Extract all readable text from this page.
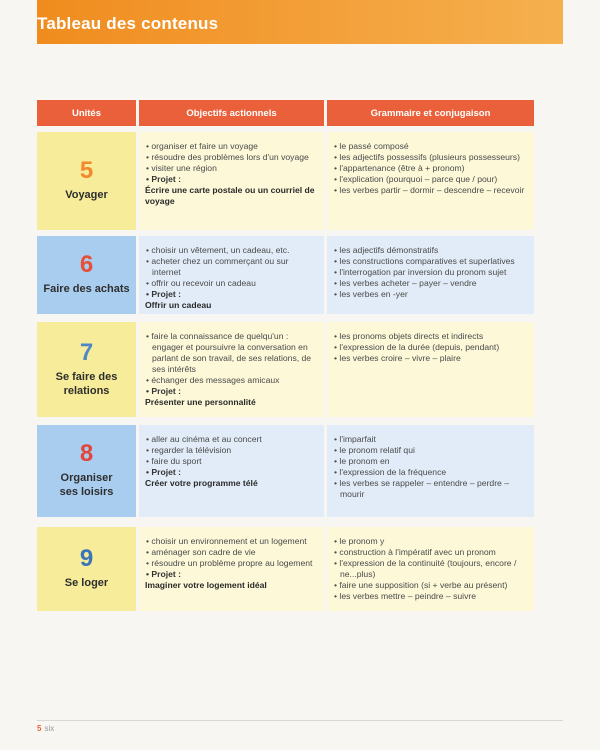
Tableau des contenus
Unités	Objectifs actionnels	Grammaire et conjugaison
5
Voyager
• organiser et faire un voyage
• résoudre des problèmes lors d'un voyage
• visiter une région
• Projet :
Écrire une carte postale ou un courriel de voyage
• le passé composé
• les adjectifs possessifs (plusieurs possesseurs)
• l'appartenance (être à + pronom)
• l'explication (pourquoi – parce que / pour)
• les verbes partir – dormir – descendre – recevoir
6
Faire des achats
• choisir un vêtement, un cadeau, etc.
• acheter chez un commerçant ou sur internet
• offrir ou recevoir un cadeau
• Projet :
Offrir un cadeau
• les adjectifs démonstratifs
• les constructions comparatives et superlatives
• l'interrogation par inversion du pronom sujet
• les verbes acheter – payer – vendre
• les verbes en -yer
7
Se faire des relations
• faire la connaissance de quelqu'un : engager et poursuivre la conversation en parlant de son travail, de ses relations, de ses intérêts
• échanger des messages amicaux
• Projet :
Présenter une personnalité
• les pronoms objets directs et indirects
• l'expression de la durée (depuis, pendant)
• les verbes croire – vivre – plaire
8
Organiser ses loisirs
• aller au cinéma et au concert
• regarder la télévision
• faire du sport
• Projet :
Créer votre programme télé
• l'imparfait
• le pronom relatif qui
• le pronom en
• l'expression de la fréquence
• les verbes se rappeler – entendre – perdre – mourir
9
Se loger
• choisir un environnement et un logement
• aménager son cadre de vie
• résoudre un problème propre au logement
• Projet :
Imaginer votre logement idéal
• le pronom y
• construction à l'impératif avec un pronom
• l'expression de la continuité (toujours, encore / ne...plus)
• faire une supposition (si + verbe au présent)
• les verbes mettre – peindre – suivre
5 six
